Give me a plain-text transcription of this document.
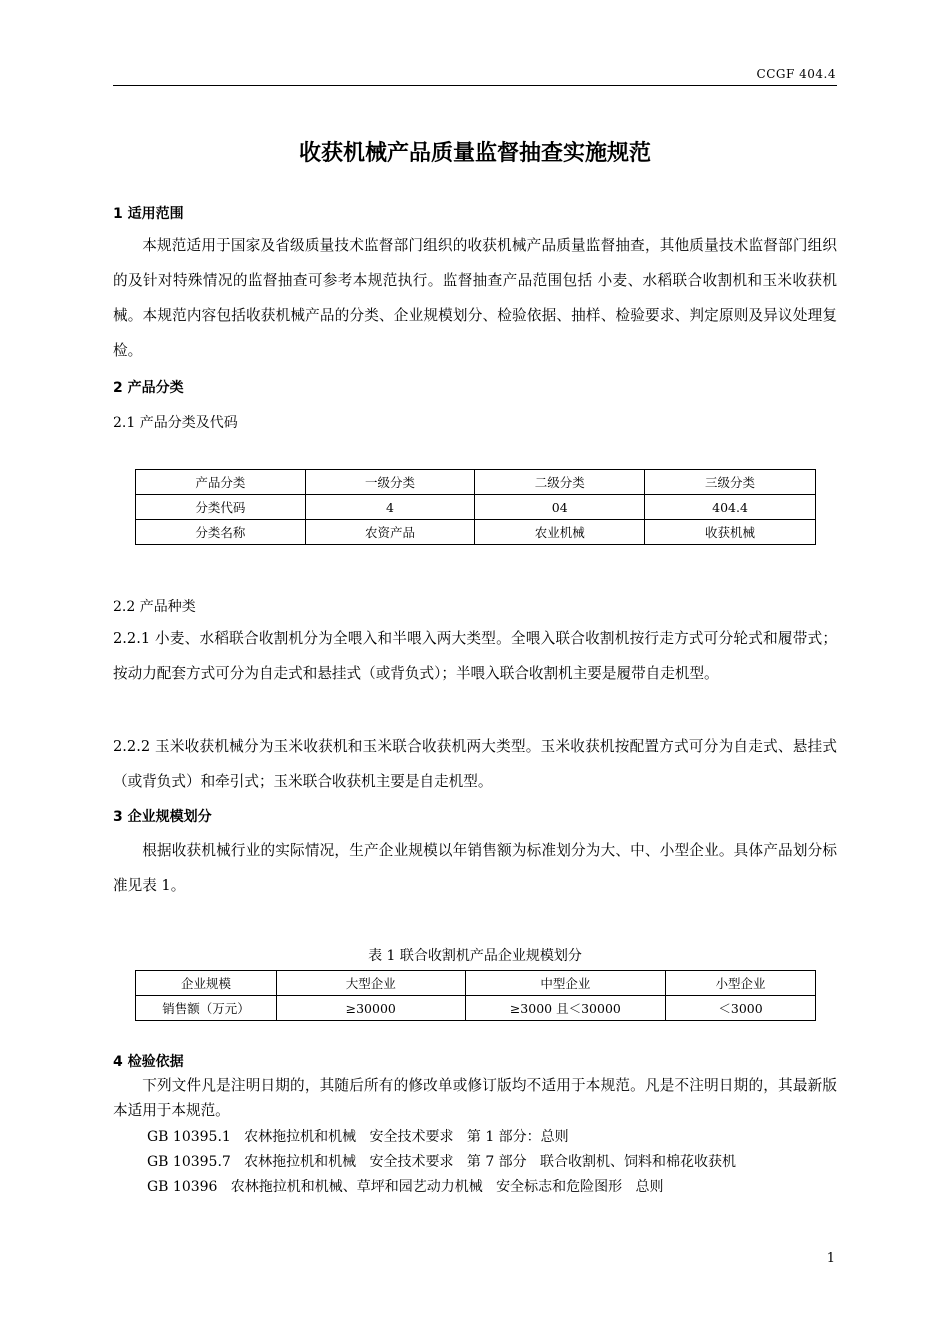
CCGF 404.4
收获机械产品质量监督抽查实施规范
1 适用范围
本规范适用于国家及省级质量技术监督部门组织的收获机械产品质量监督抽查，其他质量技术监督部门组织的及针对特殊情况的监督抽查可参考本规范执行。监督抽查产品范围包括 小麦、水稻联合收割机和玉米收获机械。本规范内容包括收获机械产品的分类、企业规模划分、检验依据、抽样、检验要求、判定原则及异议处理复检。
2 产品分类
2.1 产品分类及代码
产品分类	一级分类	二级分类	三级分类
分类代码	4	04	404.4
分类名称	农资产品	农业机械	收获机械
2.2 产品种类
2.2.1 小麦、水稻联合收割机分为全喂入和半喂入两大类型。全喂入联合收割机按行走方式可分轮式和履带式；按动力配套方式可分为自走式和悬挂式（或背负式）；半喂入联合收割机主要是履带自走机型。
2.2.2 玉米收获机械分为玉米收获机和玉米联合收获机两大类型。玉米收获机按配置方式可分为自走式、悬挂式（或背负式）和牵引式；玉米联合收获机主要是自走机型。
3 企业规模划分
根据收获机械行业的实际情况，生产企业规模以年销售额为标准划分为大、中、小型企业。具体产品划分标准见表 1。
表 1 联合收割机产品企业规模划分
企业规模	大型企业	中型企业	小型企业
销售额（万元）	≥30000	≥3000 且＜30000	＜3000
4 检验依据
下列文件凡是注明日期的，其随后所有的修改单或修订版均不适用于本规范。凡是不注明日期的，其最新版本适用于本规范。
GB 10395.1   农林拖拉机和机械   安全技术要求   第 1 部分：总则
GB 10395.7   农林拖拉机和机械   安全技术要求   第 7 部分   联合收割机、饲料和棉花收获机
GB 10396   农林拖拉机和机械、草坪和园艺动力机械   安全标志和危险图形   总则
1
